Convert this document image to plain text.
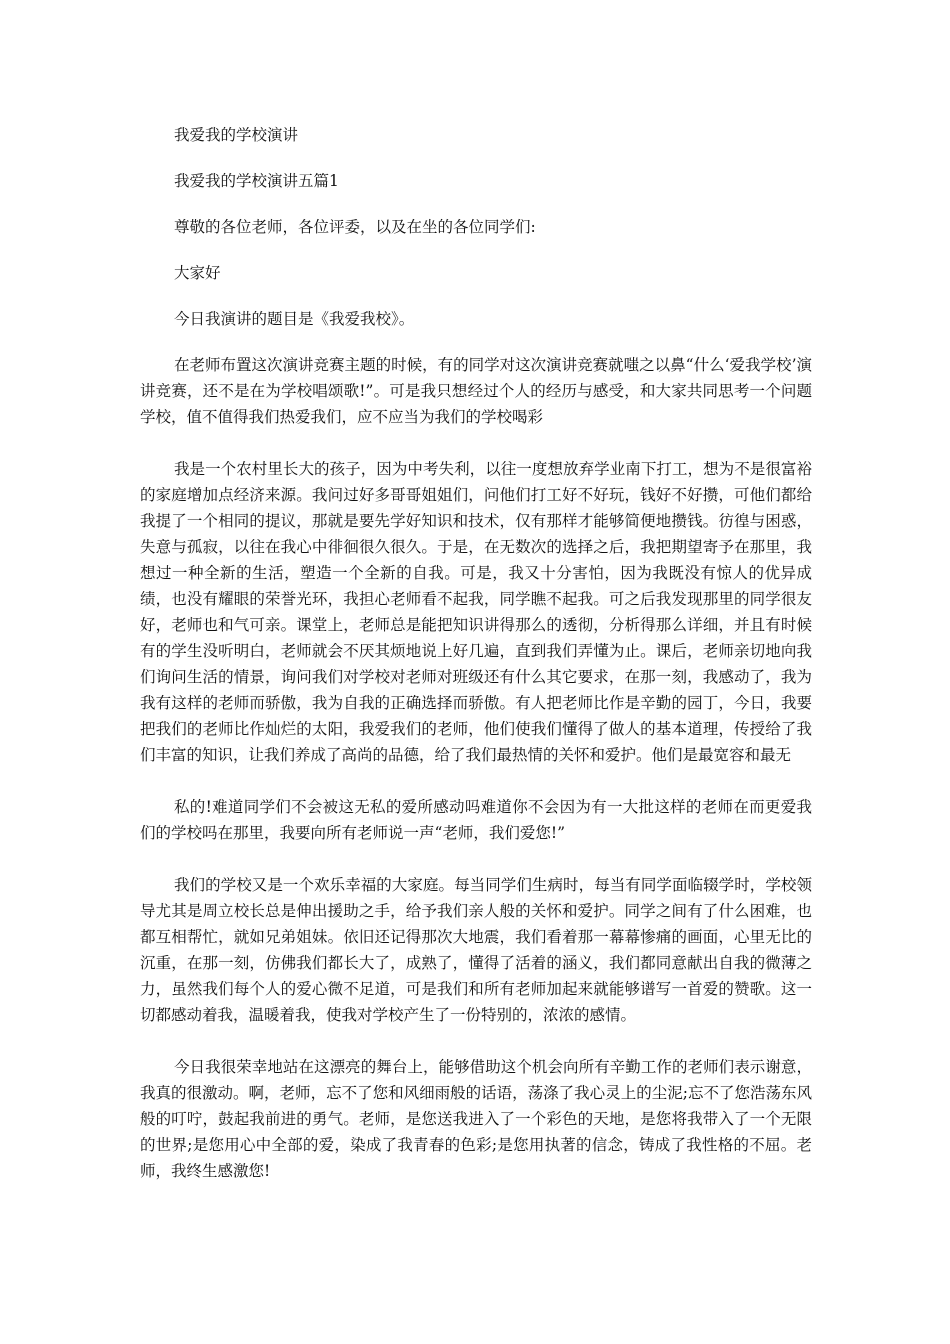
我爱我的学校演讲

我爱我的学校演讲五篇1

尊敬的各位老师，各位评委，以及在坐的各位同学们:

大家好

今日我演讲的题目是《我爱我校》。

在老师布置这次演讲竞赛主题的时候，有的同学对这次演讲竞赛就嗤之以鼻“什么‘爱我学校’演讲竞赛，还不是在为学校唱颂歌!”。可是我只想经过个人的经历与感受，和大家共同思考一个问题学校，值不值得我们热爱我们，应不应当为我们的学校喝彩

我是一个农村里长大的孩子，因为中考失利，以往一度想放弃学业南下打工，想为不是很富裕的家庭增加点经济来源。我问过好多哥哥姐姐们，问他们打工好不好玩，钱好不好攒，可他们都给我提了一个相同的提议，那就是要先学好知识和技术，仅有那样才能够简便地攒钱。彷徨与困惑，失意与孤寂，以往在我心中徘徊很久很久。于是，在无数次的选择之后，我把期望寄予在那里，我想过一种全新的生活，塑造一个全新的自我。可是，我又十分害怕，因为我既没有惊人的优异成绩，也没有耀眼的荣誉光环，我担心老师看不起我，同学瞧不起我。可之后我发现那里的同学很友好，老师也和气可亲。课堂上，老师总是能把知识讲得那么的透彻，分析得那么详细，并且有时候有的学生没听明白，老师就会不厌其烦地说上好几遍，直到我们弄懂为止。课后，老师亲切地向我们询问生活的情景，询问我们对学校对老师对班级还有什么其它要求，在那一刻，我感动了，我为我有这样的老师而骄傲，我为自我的正确选择而骄傲。有人把老师比作是辛勤的园丁，今日，我要把我们的老师比作灿烂的太阳，我爱我们的老师，他们使我们懂得了做人的基本道理，传授给了我们丰富的知识，让我们养成了高尚的品德，给了我们最热情的关怀和爱护。他们是最宽容和最无

私的!难道同学们不会被这无私的爱所感动吗难道你不会因为有一大批这样的老师在而更爱我们的学校吗在那里，我要向所有老师说一声“老师，我们爱您!”

我们的学校又是一个欢乐幸福的大家庭。每当同学们生病时，每当有同学面临辍学时，学校领导尤其是周立校长总是伸出援助之手，给予我们亲人般的关怀和爱护。同学之间有了什么困难，也都互相帮忙，就如兄弟姐妹。依旧还记得那次大地震，我们看着那一幕幕惨痛的画面，心里无比的沉重，在那一刻，仿佛我们都长大了，成熟了，懂得了活着的涵义，我们都同意献出自我的微薄之力，虽然我们每个人的爱心微不足道，可是我们和所有老师加起来就能够谱写一首爱的赞歌。这一切都感动着我，温暖着我，使我对学校产生了一份特别的，浓浓的感情。

今日我很荣幸地站在这漂亮的舞台上，能够借助这个机会向所有辛勤工作的老师们表示谢意，我真的很激动。啊，老师，忘不了您和风细雨般的话语，荡涤了我心灵上的尘泥;忘不了您浩荡东风般的叮咛，鼓起我前进的勇气。老师，是您送我进入了一个彩色的天地，是您将我带入了一个无限的世界;是您用心中全部的爱，染成了我青春的色彩;是您用执著的信念，铸成了我性格的不屈。老师，我终生感激您!
